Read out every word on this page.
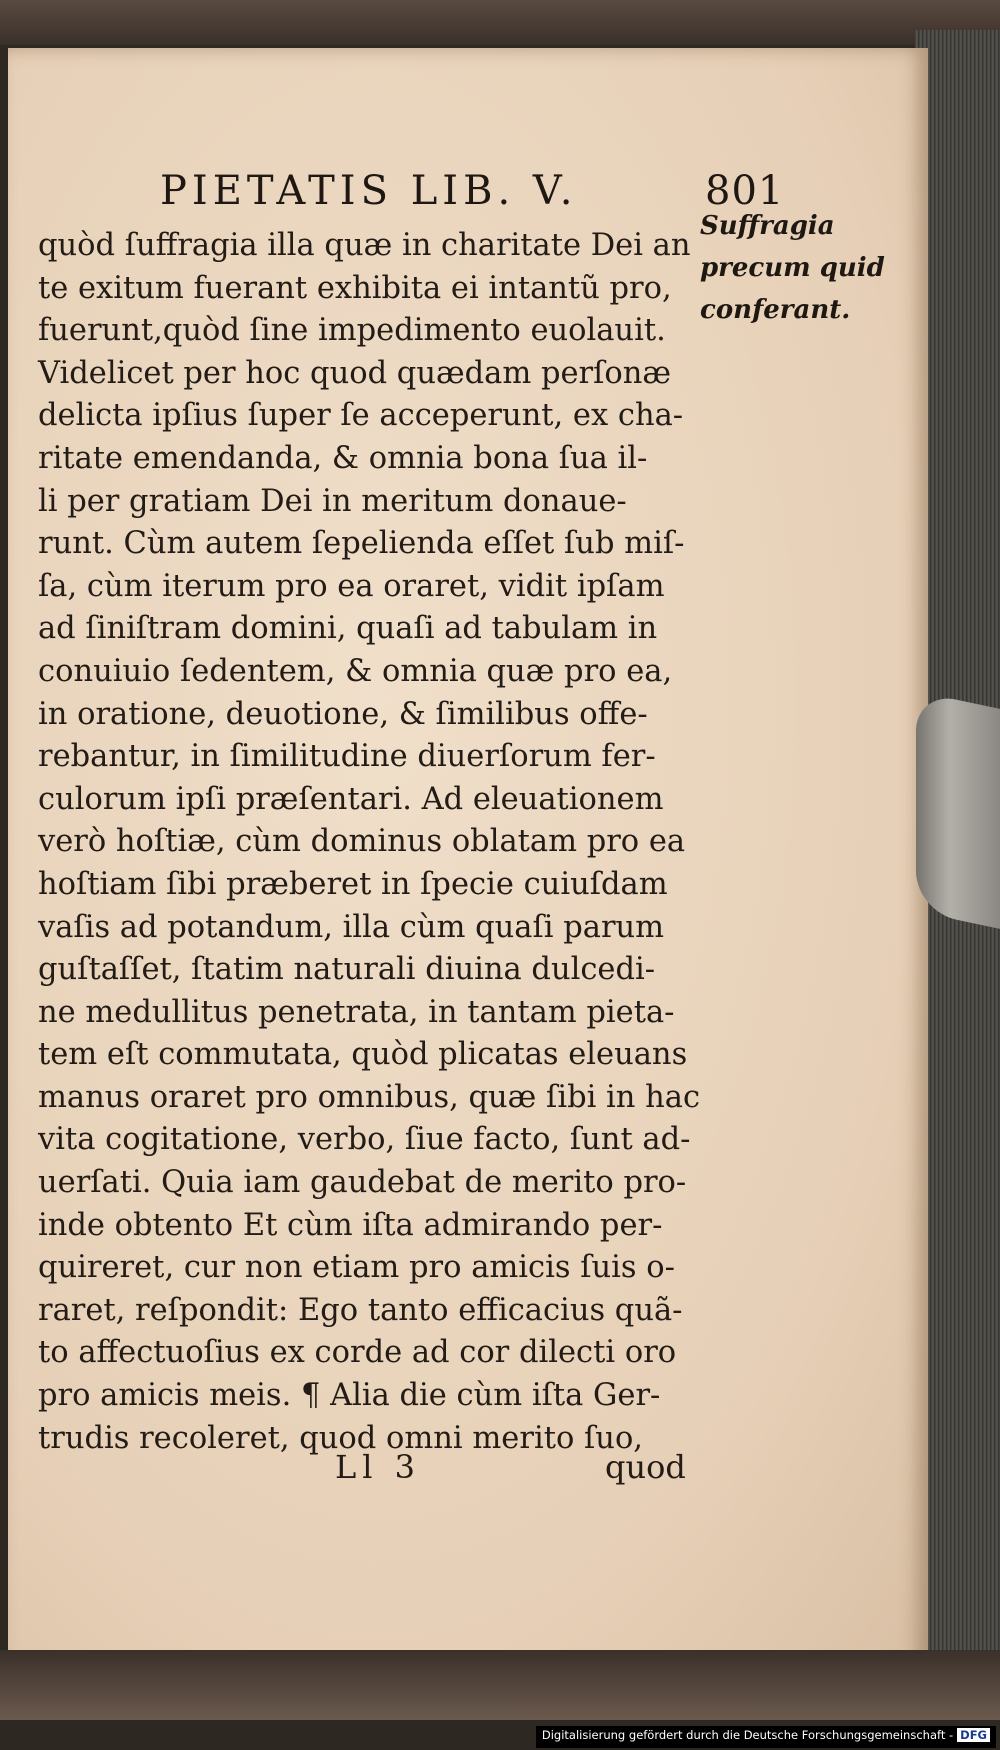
PIETATIS LIB. V.	801
Suffragia
precum quid
conferant.
quòd ſuffragia illa quæ in charitate Dei an
te exitum fuerant exhibita ei intantũ pro,
fuerunt,quòd ſine impedimento euolauit.
Videlicet per hoc quod quædam perſonæ
delicta ipſius ſuper ſe acceperunt, ex cha-
ritate emendanda, & omnia bona ſua il-
li per gratiam Dei in meritum donaue-
runt. Cùm autem ſepelienda eſſet ſub miſ-
ſa, cùm iterum pro ea oraret, vidit ipſam
ad ſiniſtram domini, quaſi ad tabulam in
conuiuio ſedentem, & omnia quæ pro ea,
in oratione, deuotione, & ſimilibus offe-
rebantur, in ſimilitudine diuerſorum fer-
culorum ipſi præſentari. Ad eleuationem
verò hoſtiæ, cùm dominus oblatam pro ea
hoſtiam ſibi præberet in ſpecie cuiuſdam
vaſis ad potandum, illa cùm quaſi parum
guſtaſſet, ſtatim naturali diuina dulcedi-
ne medullitus penetrata, in tantam pieta-
tem eſt commutata, quòd plicatas eleuans
manus oraret pro omnibus, quæ ſibi in hac
vita cogitatione, verbo, ſiue facto, ſunt ad-
uerſati. Quia iam gaudebat de merito pro-
inde obtento Et cùm iſta admirando per-
quireret, cur non etiam pro amicis ſuis o-
raret, reſpondit: Ego tanto efficacius quã-
to affectuoſius ex corde ad cor dilecti oro
pro amicis meis. ¶ Alia die cùm iſta Ger-
trudis recoleret, quod omni merito ſuo,
Ll 3	quod
Digitalisierung gefördert durch die Deutsche Forschungsgemeinschaft - DFG
